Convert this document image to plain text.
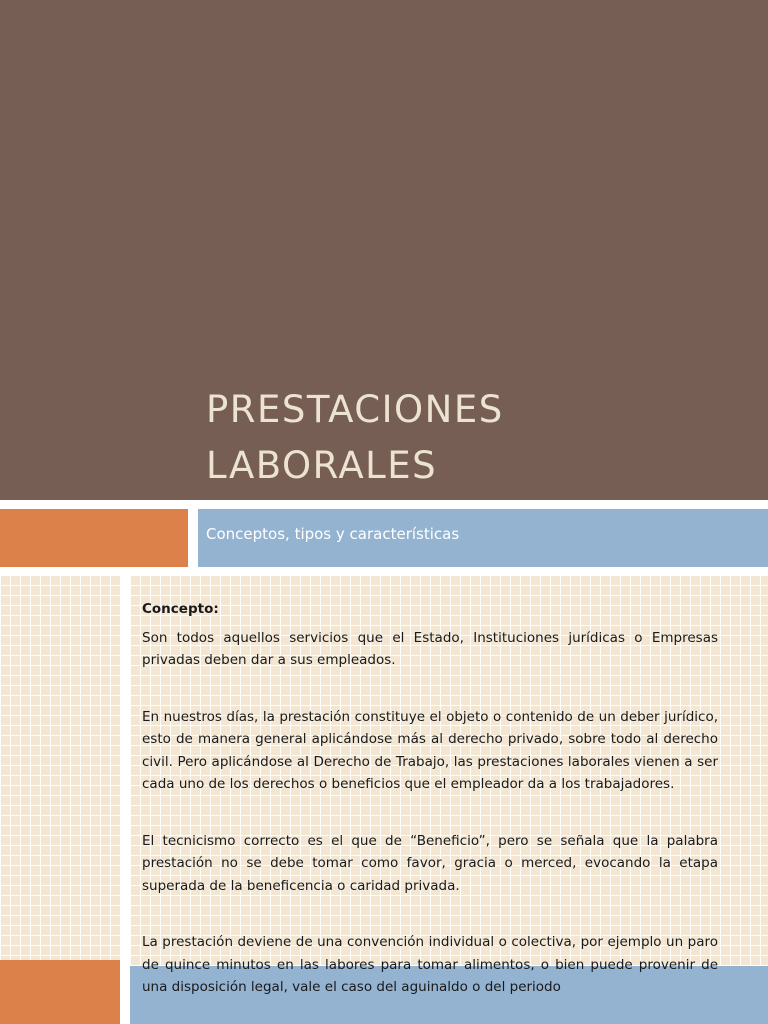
PRESTACIONES
LABORALES
Conceptos, tipos y características

Concepto:

Son todos aquellos servicios que el Estado, Instituciones jurídicas o Empresas privadas deben dar a sus empleados.

En nuestros días, la prestación constituye el objeto o contenido de un deber jurídico, esto de manera general aplicándose más al derecho privado, sobre todo al derecho civil. Pero aplicándose al Derecho de Trabajo, las prestaciones laborales vienen a ser cada uno de los derechos o beneficios que el empleador da a los trabajadores.

El tecnicismo correcto es el que de “Beneficio”, pero se señala que la palabra prestación no se debe tomar como favor, gracia o merced, evocando la etapa superada de la beneficencia o caridad privada.

La prestación deviene de una convención individual o colectiva, por ejemplo un paro de quince minutos en las labores para tomar alimentos, o bien puede provenir de una disposición legal, vale el caso del aguinaldo o del periodo
